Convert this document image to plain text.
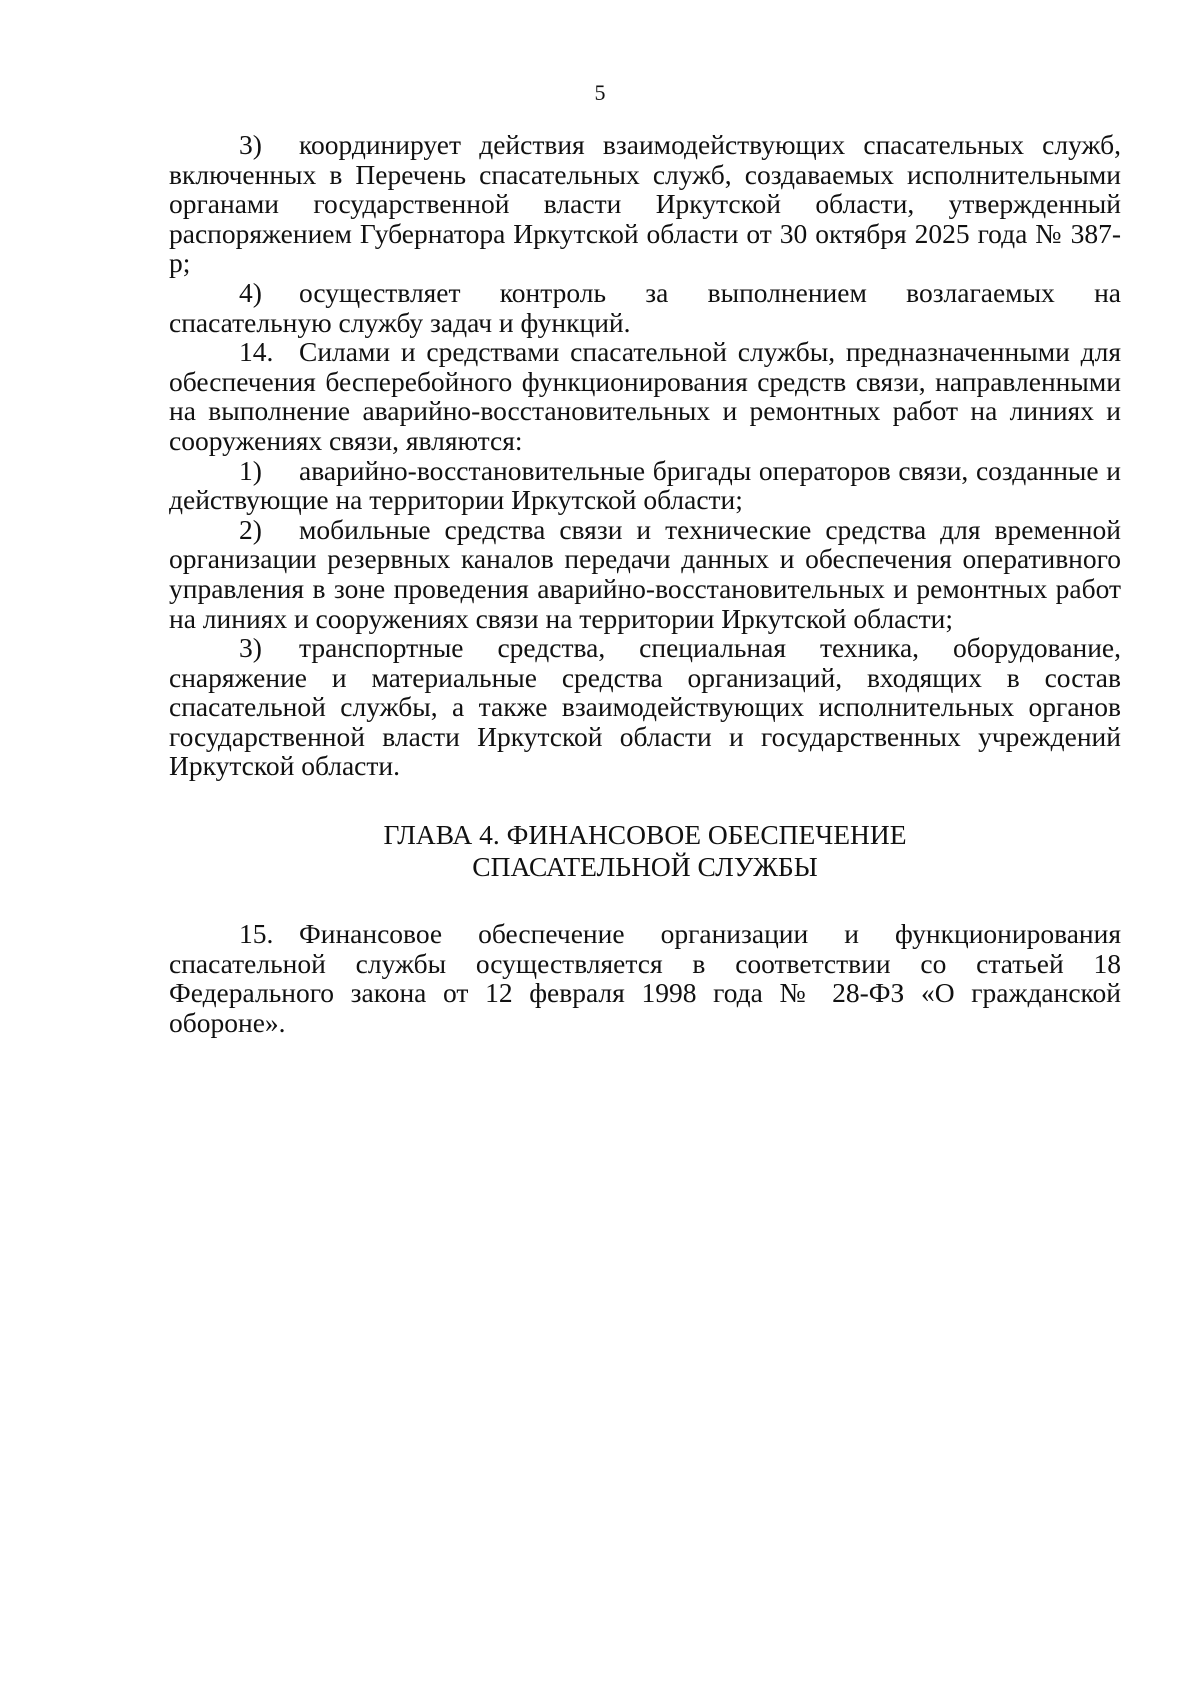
5

3) координирует действия взаимодействующих спасательных служб, включенных в Перечень спасательных служб, создаваемых исполнительными органами государственной власти Иркутской области, утвержденный распоряжением Губернатора Иркутской области от 30 октября 2025 года № 387-р;

4) осуществляет контроль за выполнением возлагаемых на спасательную службу задач и функций.

14. Силами и средствами спасательной службы, предназначенными для обеспечения бесперебойного функционирования средств связи, направленными на выполнение аварийно-восстановительных и ремонтных работ на линиях и сооружениях связи, являются:

1) аварийно-восстановительные бригады операторов связи, созданные и действующие на территории Иркутской области;

2) мобильные средства связи и технические средства для временной организации резервных каналов передачи данных и обеспечения оперативного управления в зоне проведения аварийно-восстановительных и ремонтных работ на линиях и сооружениях связи на территории Иркутской области;

3) транспортные средства, специальная техника, оборудование, снаряжение и материальные средства организаций, входящих в состав спасательной службы, а также взаимодействующих исполнительных органов государственной власти Иркутской области и государственных учреждений Иркутской области.

ГЛАВА 4. ФИНАНСОВОЕ ОБЕСПЕЧЕНИЕ
СПАСАТЕЛЬНОЙ СЛУЖБЫ

15. Финансовое обеспечение организации и функционирования спасательной службы осуществляется в соответствии со статьей 18 Федерального закона от 12 февраля 1998 года № 28-ФЗ «О гражданской обороне».
